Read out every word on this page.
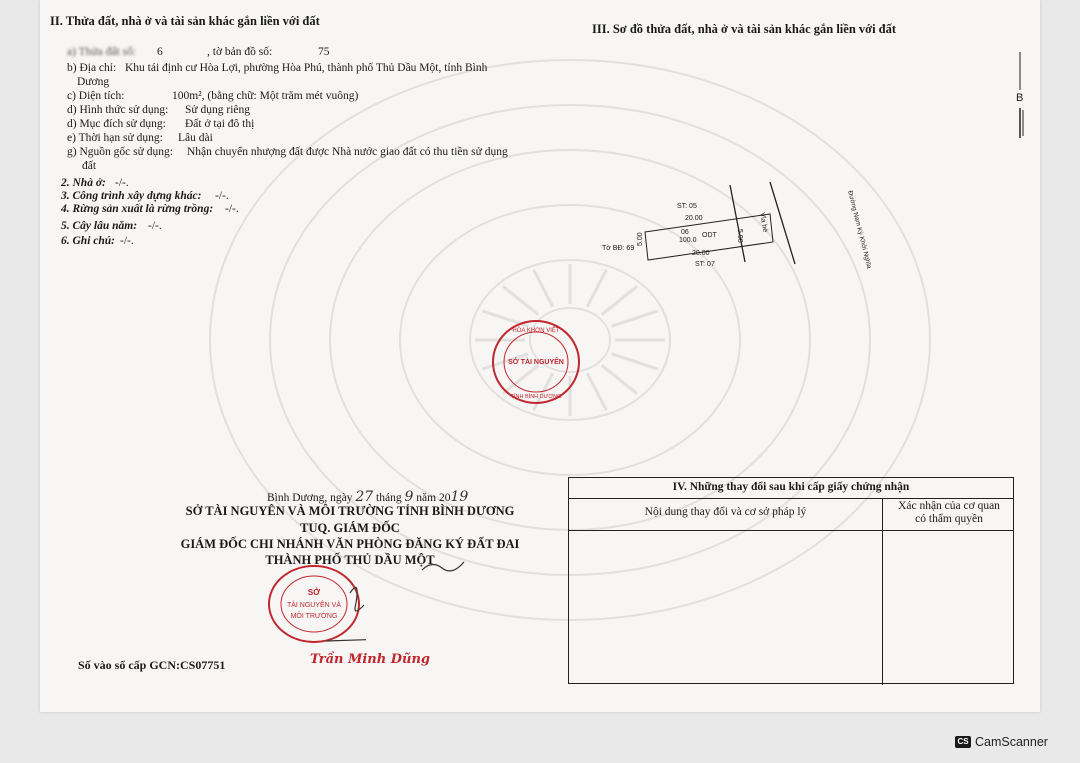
II. Thửa đất, nhà ở và tài sản khác gắn liền với đất
a) Thửa đất số: 6	, tờ bản đồ số:	75
b) Địa chỉ: Khu tái định cư Hòa Lợi, phường Hòa Phú, thành phố Thủ Dầu Một, tỉnh Bình
Dương
c) Diện tích:	100m², (bằng chữ: Một trăm mét vuông)
d) Hình thức sử dụng: Sử dụng riêng
d) Mục đích sử dụng: Đất ở tại đô thị
e) Thời hạn sử dụng: Lâu dài
g) Nguồn gốc sử dụng: Nhận chuyển nhượng đất được Nhà nước giao đất có thu tiền sử dụng
đất
2. Nhà ở: -/-.
3. Công trình xây dựng khác: -/-.
4. Rừng sản xuất là rừng trồng: -/-.
5. Cây lâu năm: -/-.
6. Ghi chú: -/-.
III. Sơ đồ thửa đất, nhà ở và tài sản khác gắn liền với đất
B
Đường Nam Kỳ Khởi Nghĩa
ST: 05
20.00
06
100.0
ODT
20.00
ST: 07
Tờ BĐ: 69
5.00	5.00
Vỉa hè
HÒA KHƠN VIỆT
SỞ TÀI NGUYÊN
TỈNH BÌNH DƯƠNG
Bình Dương, ngày 27 tháng 9 năm 2019
SỞ TÀI NGUYÊN VÀ MÔI TRƯỜNG TỈNH BÌNH DƯƠNG
TUQ. GIÁM ĐỐC
GIÁM ĐỐC CHI NHÁNH VĂN PHÒNG ĐĂNG KÝ ĐẤT ĐAI
THÀNH PHỐ THỦ DẦU MỘT
SỞ
TÀI NGUYÊN VÀ
MÔI TRƯỜNG
Trần Minh Dũng
Số vào sổ cấp GCN:CS07751
IV. Những thay đổi sau khi cấp giấy chứng nhận
Nội dung thay đổi và cơ sở pháp lý	Xác nhận của cơ quan
có thẩm quyền
CS CamScanner
